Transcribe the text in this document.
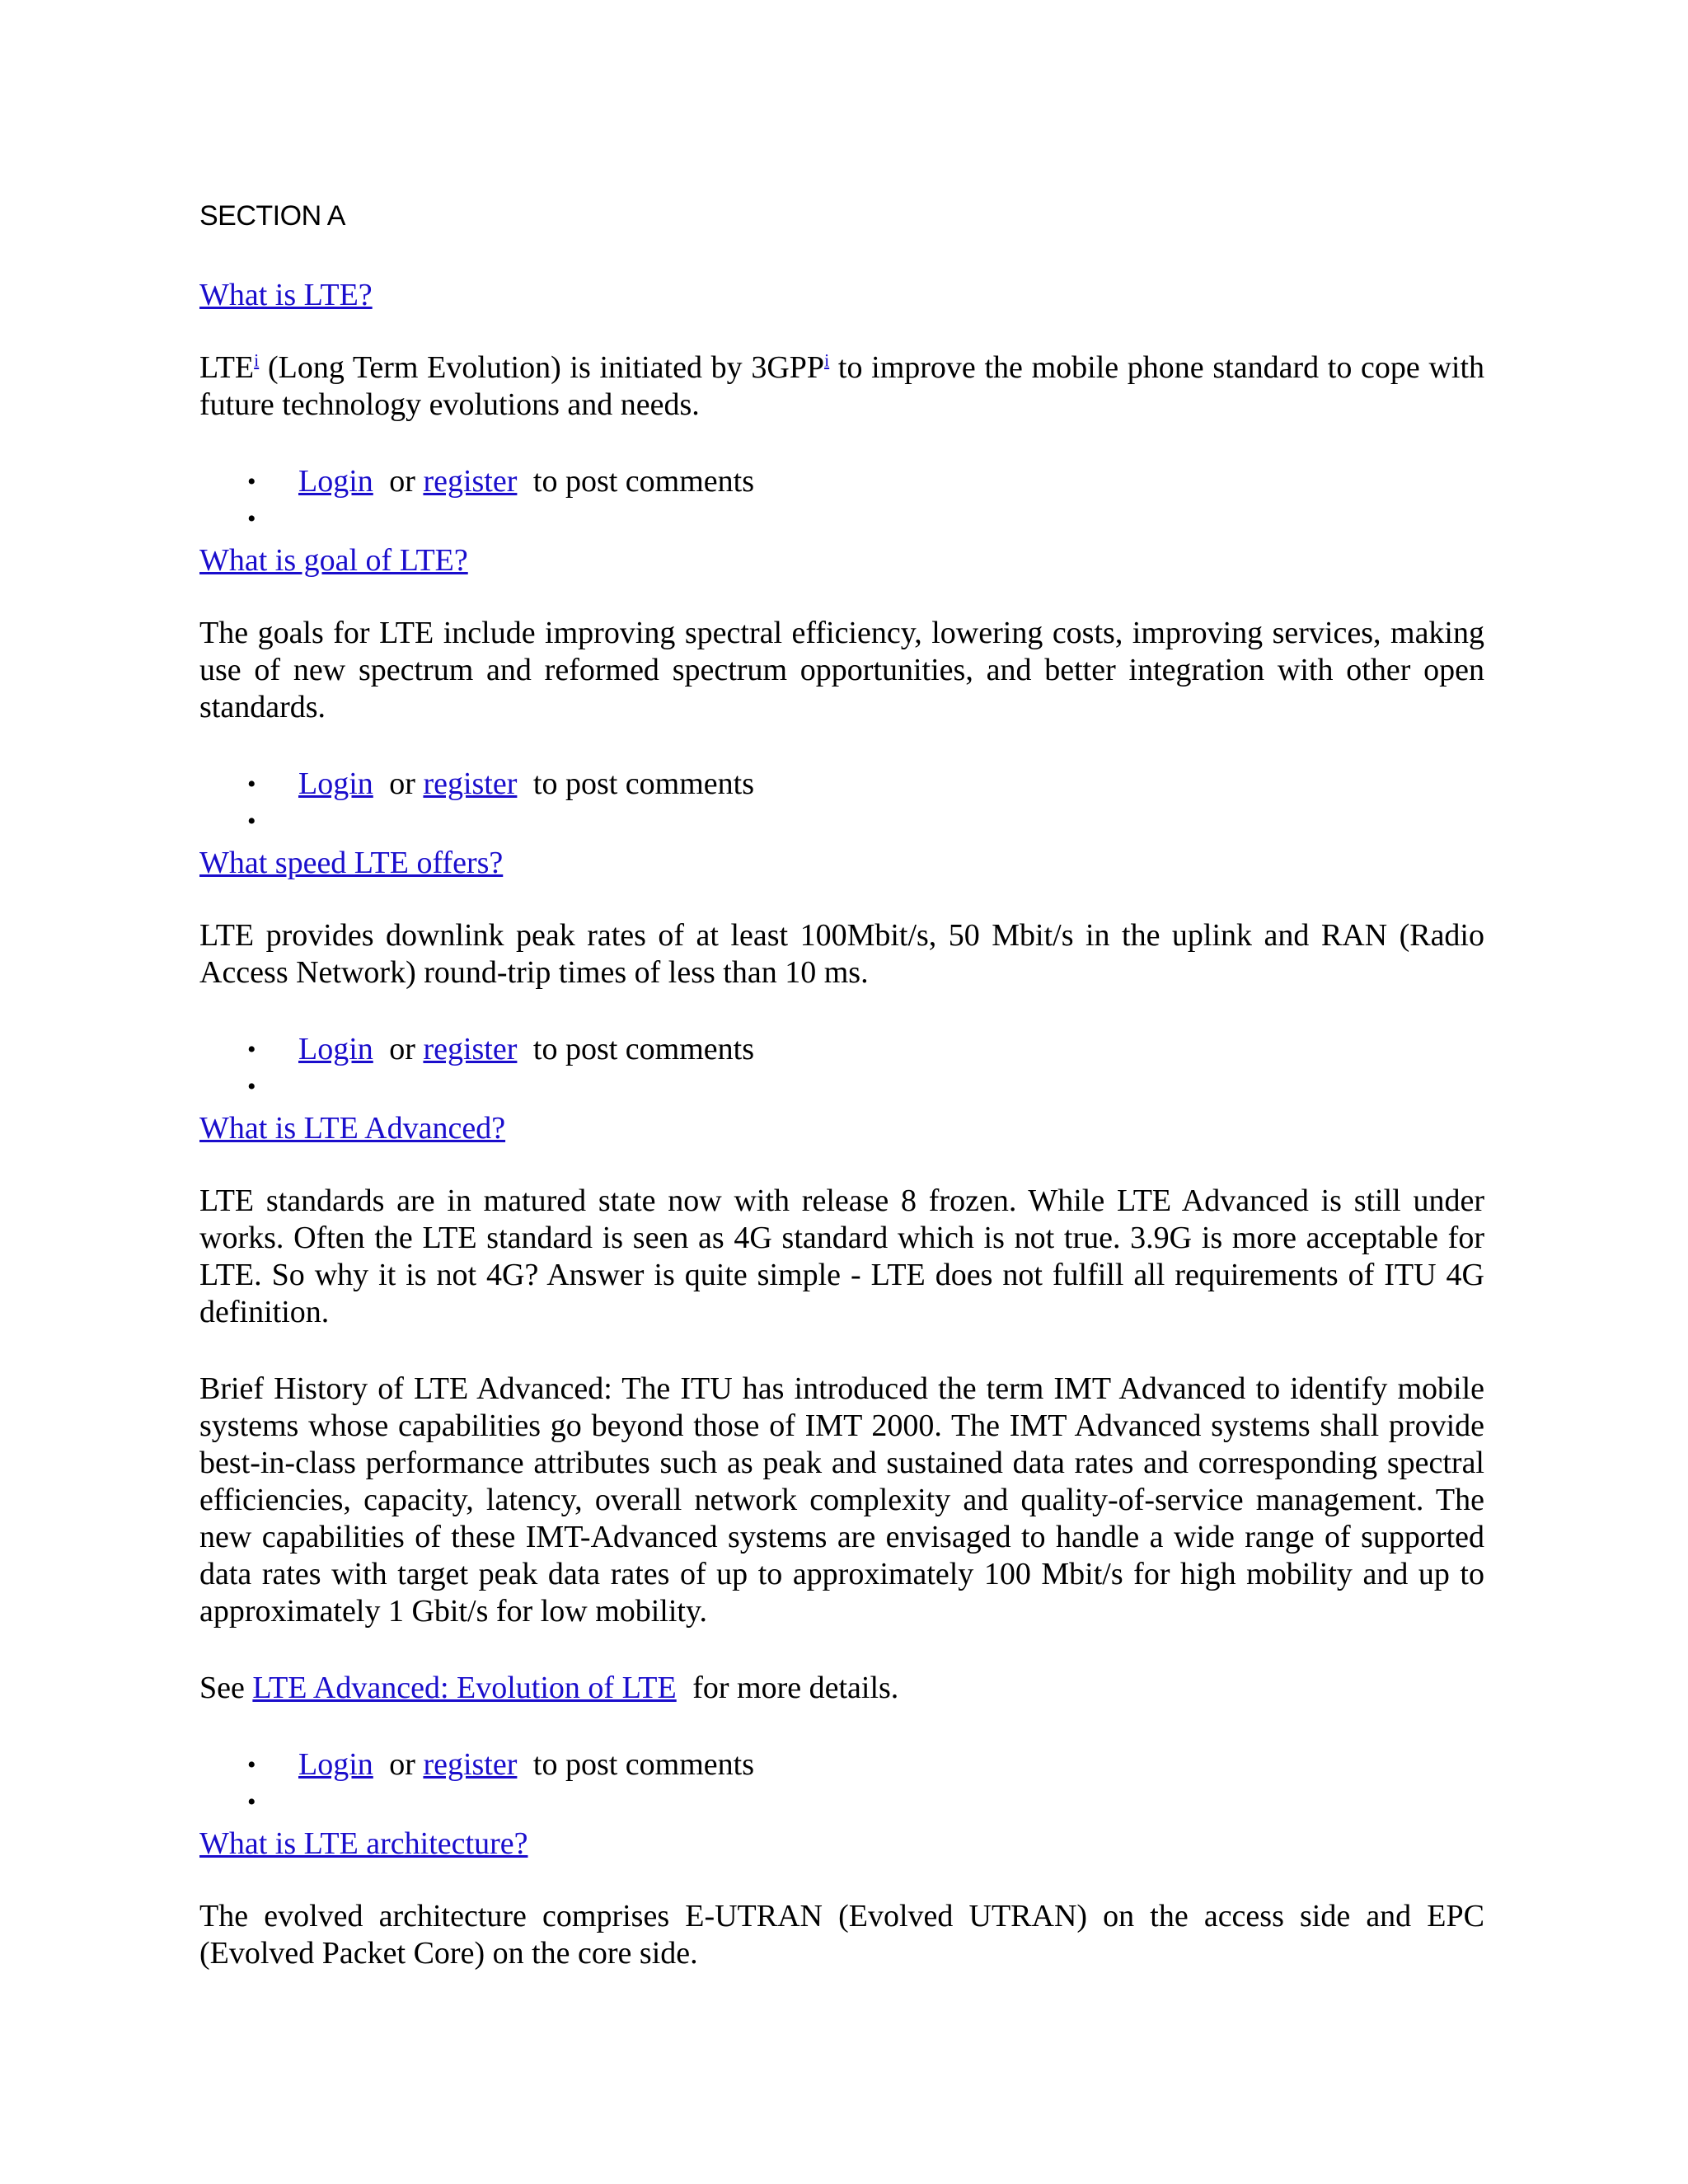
SECTION A
What is LTE?

LTE$^i$ (Long Term Evolution) is initiated by 3GPP$^i$ to improve the mobile phone standard to cope with future technology evolutions and needs.

• Login or register to post comments
•
What is goal of LTE?

The goals for LTE include improving spectral efficiency, lowering costs, improving services, making use of new spectrum and reformed spectrum opportunities, and better integration with other open standards.

• Login or register to post comments
•
What speed LTE offers?

LTE provides downlink peak rates of at least 100Mbit/s, 50 Mbit/s in the uplink and RAN (Radio Access Network) round-trip times of less than 10 ms.

• Login or register to post comments
•
What is LTE Advanced?

LTE standards are in matured state now with release 8 frozen. While LTE Advanced is still under works. Often the LTE standard is seen as 4G standard which is not true. 3.9G is more acceptable for LTE. So why it is not 4G? Answer is quite simple - LTE does not fulfill all requirements of ITU 4G definition.

Brief History of LTE Advanced: The ITU has introduced the term IMT Advanced to identify mobile systems whose capabilities go beyond those of IMT 2000. The IMT Advanced systems shall provide best-in-class performance attributes such as peak and sustained data rates and corresponding spectral efficiencies, capacity, latency, overall network complexity and quality-of-service management. The new capabilities of these IMT-Advanced systems are envisaged to handle a wide range of supported data rates with target peak data rates of up to approximately 100 Mbit/s for high mobility and up to approximately 1 Gbit/s for low mobility.

See LTE Advanced: Evolution of LTE for more details.

• Login or register to post comments
•
What is LTE architecture?

The evolved architecture comprises E-UTRAN (Evolved UTRAN) on the access side and EPC (Evolved Packet Core) on the core side.
